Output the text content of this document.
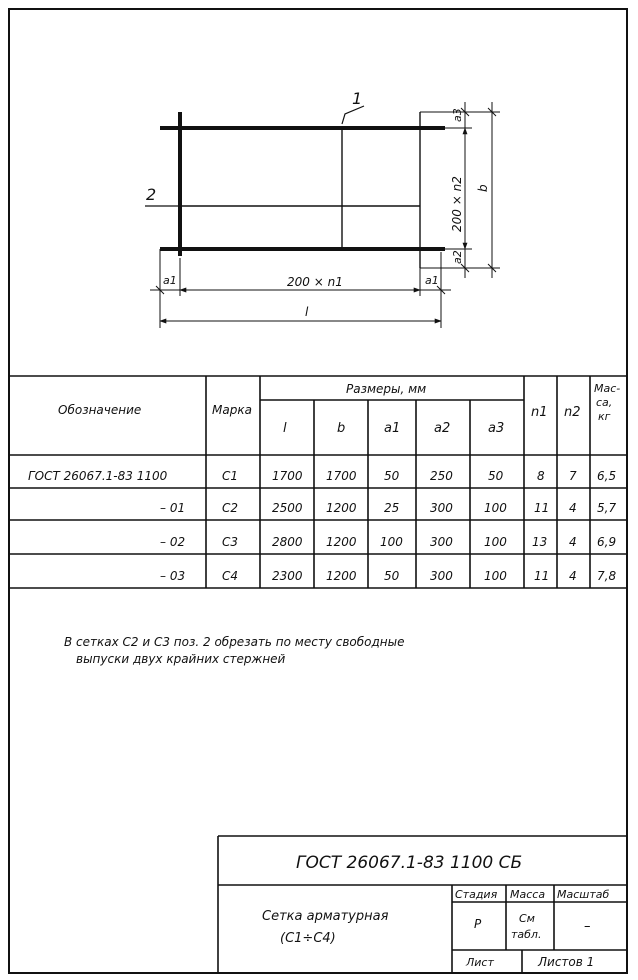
1
2
a1	200 × n1	a1
l
a3
200 × n2
a2
b
Обозначение	Марка
Размеры, мм
l	b	a1	a2	a3
n1 n2
Мас-
са,
кг
ГОСТ 26067.1-83 1100	С1	1700 1700 50	250	50	8 7 6,5
– 01	С2	2500 1200 25	300	100 11 4 5,7
– 02	С3	2800 1200 100 300	100 13 4 6,9
– 03	С4	2300 1200 50	300	100 11 4 7,8
В сетках С2 и С3 поз. 2 обрезать по месту свободные
выпуски двух крайних стержней
ГОСТ 26067.1-83 1100 СБ
Сетка арматурная
(С1÷С4)
Стадия Масса Масштаб
Р	См
табл.
–
Лист	Листов 1
